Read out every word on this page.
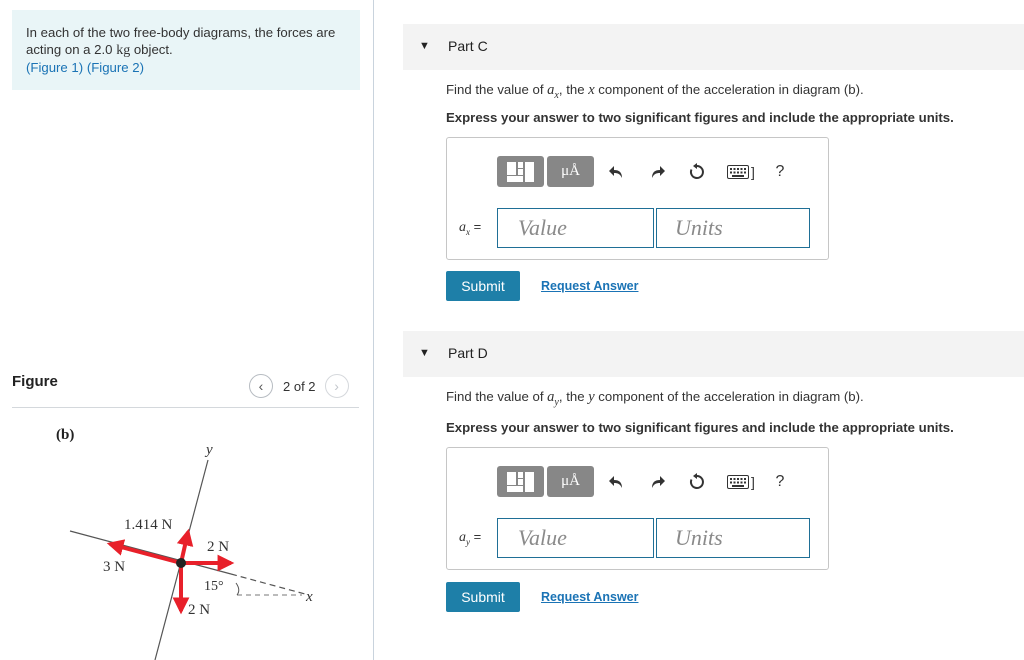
In each of the two free-body diagrams, the forces are acting on a 2.0 kg object.
(Figure 1) (Figure 2)
Figure	‹	2 of 2	›
(b)
y
x
15°
1.414 N
3 N
2 N
2 N
▼ Part C
Find the value of $a_x$, the x component of the acceleration in diagram (b).
Express your answer to two significant figures and include the appropriate units.
μÅ	]	?
$a_x$ =
Value
Units
Submit	Request Answer
▼ Part D
Find the value of $a_y$, the y component of the acceleration in diagram (b).
Express your answer to two significant figures and include the appropriate units.
μÅ	]	?
$a_y$ =
Value
Units
Submit	Request Answer
